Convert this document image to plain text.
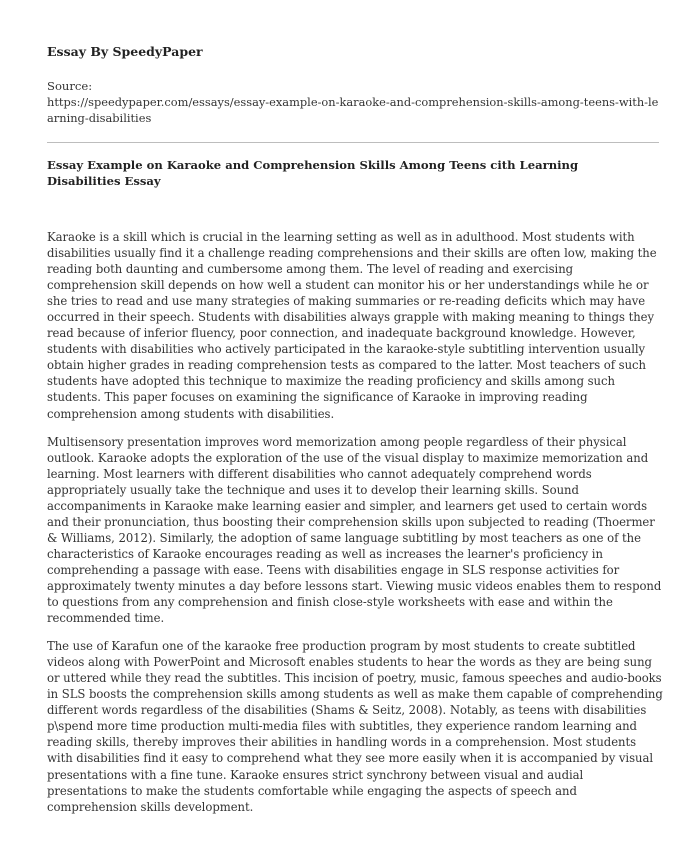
Essay By SpeedyPaper

Source:

https://speedypaper.com/essays/essay-example-on-karaoke-and-comprehension-skills-among-teens-with-learning-disabilities

Essay Example on Karaoke and Comprehension Skills Among Teens cith Learning Disabilities Essay

Karaoke is a skill which is crucial in the learning setting as well as in adulthood. Most students with disabilities usually find it a challenge reading comprehensions and their skills are often low, making the reading both daunting and cumbersome among them. The level of reading and exercising comprehension skill depends on how well a student can monitor his or her understandings while he or she tries to read and use many strategies of making summaries or re-reading deficits which may have occurred in their speech. Students with disabilities always grapple with making meaning to things they read because of inferior fluency, poor connection, and inadequate background knowledge. However, students with disabilities who actively participated in the karaoke-style subtitling intervention usually obtain higher grades in reading comprehension tests as compared to the latter. Most teachers of such students have adopted this technique to maximize the reading proficiency and skills among such students. This paper focuses on examining the significance of Karaoke in improving reading comprehension among students with disabilities.

Multisensory presentation improves word memorization among people regardless of their physical outlook. Karaoke adopts the exploration of the use of the visual display to maximize memorization and learning. Most learners with different disabilities who cannot adequately comprehend words appropriately usually take the technique and uses it to develop their learning skills. Sound accompaniments in Karaoke make learning easier and simpler, and learners get used to certain words and their pronunciation, thus boosting their comprehension skills upon subjected to reading (Thoermer & Williams, 2012). Similarly, the adoption of same language subtitling by most teachers as one of the characteristics of Karaoke encourages reading as well as increases the learner's proficiency in comprehending a passage with ease. Teens with disabilities engage in SLS response activities for approximately twenty minutes a day before lessons start. Viewing music videos enables them to respond to questions from any comprehension and finish close-style worksheets with ease and within the recommended time.

The use of Karafun one of the karaoke free production program by most students to create subtitled videos along with PowerPoint and Microsoft enables students to hear the words as they are being sung or uttered while they read the subtitles. This incision of poetry, music, famous speeches and audio-books in SLS boosts the comprehension skills among students as well as make them capable of comprehending different words regardless of the disabilities (Shams & Seitz, 2008). Notably, as teens with disabilities p\spend more time production multi-media files with subtitles, they experience random learning and reading skills, thereby improves their abilities in handling words in a comprehension. Most students with disabilities find it easy to comprehend what they see more easily when it is accompanied by visual presentations with a fine tune. Karaoke ensures strict synchrony between visual and audial presentations to make the students comfortable while engaging the aspects of speech and comprehension skills development.
